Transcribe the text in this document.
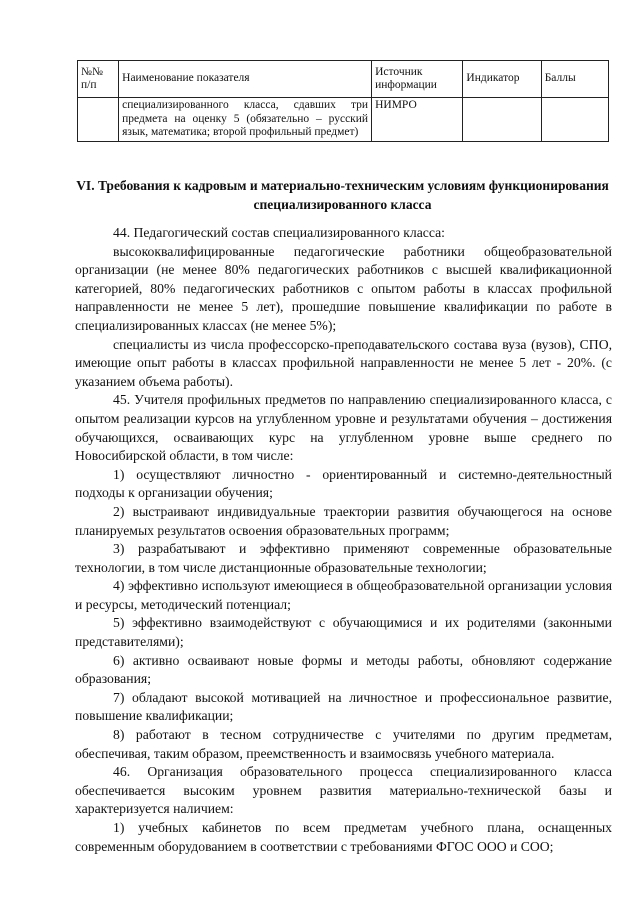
№№ п/п	Наименование показателя	Источник информации	Индикатор	Баллы
	специализированного класса, сдавших три предмета на оценку 5 (обязательно – русский язык, математика; второй профильный предмет)	НИМРО		
VI. Требования к кадровым и материально-техническим условиям функционирования специализированного класса

44. Педагогический состав специализированного класса:

высококвалифицированные педагогические работники общеобразовательной организации (не менее 80% педагогических работников с высшей квалификационной категорией, 80% педагогических работников с опытом работы в классах профильной направленности не менее 5 лет), прошедшие повышение квалификации по работе в специализированных классах (не менее 5%);

специалисты из числа профессорско-преподавательского состава вуза (вузов), СПО, имеющие опыт работы в классах профильной направленности не менее 5 лет - 20%. (с указанием объема работы).

45. Учителя профильных предметов по направлению специализированного класса, с опытом реализации курсов на углубленном уровне и результатами обучения – достижения обучающихся, осваивающих курс на углубленном уровне выше среднего по Новосибирской области, в том числе:

1) осуществляют личностно - ориентированный и системно-деятельностный подходы к организации обучения;

2) выстраивают индивидуальные траектории развития обучающегося на основе планируемых результатов освоения образовательных программ;

3) разрабатывают и эффективно применяют современные образовательные технологии, в том числе дистанционные образовательные технологии;

4) эффективно используют имеющиеся в общеобразовательной организации условия и ресурсы, методический потенциал;

5) эффективно взаимодействуют с обучающимися и их родителями (законными представителями);

6) активно осваивают новые формы и методы работы, обновляют содержание образования;

7) обладают высокой мотивацией на личностное и профессиональное развитие, повышение квалификации;

8) работают в тесном сотрудничестве с учителями по другим предметам, обеспечивая, таким образом, преемственность и взаимосвязь учебного материала.

46. Организация образовательного процесса специализированного класса обеспечивается высоким уровнем развития материально-технической базы и характеризуется наличием:

1) учебных кабинетов по всем предметам учебного плана, оснащенных современным оборудованием в соответствии с требованиями ФГОС ООО и СОО;
